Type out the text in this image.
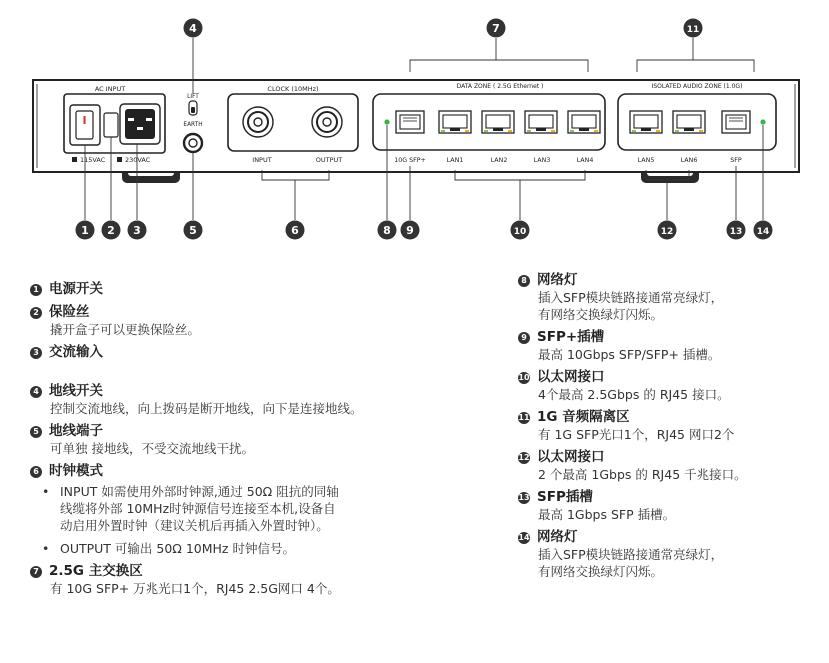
AC INPUT
115VAC	230VAC
LIFT
EARTH
CLOCK (10MHz)
INPUT	OUTPUT
DATA ZONE ( 2.5G Ethernet )
10G SFP+	LAN1	LAN2	LAN3	LAN4
ISOLATED AUDIO ZONE (1.0G)
LAN5	LAN6	SFP
1 2 3
4
5	6
7
8 9	10
11
12	13 14
1 电源开关
2 保险丝
撬开盒子可以更换保险丝。
3 交流输入
4 地线开关
控制交流地线，向上拨码是断开地线，向下是连接地线。
5 地线端子
可单独 接地线，不受交流地线干扰。
6 时钟模式
• INPUT 如需使用外部时钟源,通过 50Ω 阻抗的同轴
线缆将外部 10MHz时钟源信号连接至本机,设备自
动启用外置时钟（建议关机后再插入外置时钟）。
• OUTPUT 可输出 50Ω 10MHz 时钟信号。
7 2.5G 主交换区
有 10G SFP+ 万兆光口1个，RJ45 2.5G网口 4个。
8 网络灯
插入SFP模块链路接通常亮绿灯，
有网络交换绿灯闪烁。
9 SFP+插槽
最高 10Gbps SFP/SFP+ 插槽。
10 以太网接口
4个最高 2.5Gbps 的 RJ45 接口。
11 1G 音频隔离区
有 1G SFP光口1个，RJ45 网口2个
12 以太网接口
2 个最高 1Gbps 的 RJ45 千兆接口。
13 SFP插槽
最高 1Gbps SFP 插槽。
14 网络灯
插入SFP模块链路接通常亮绿灯，
有网络交换绿灯闪烁。
